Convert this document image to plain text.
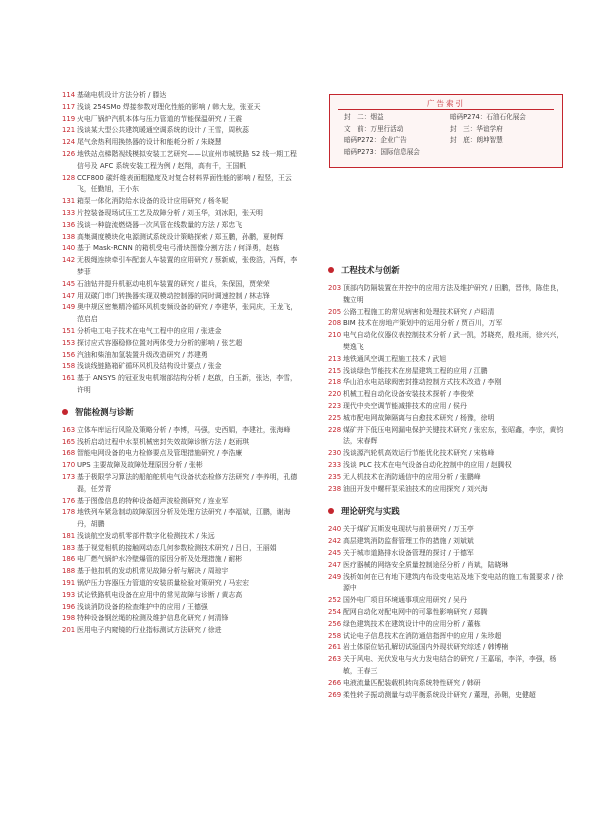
114 基础电机设计方法分析 / 滕达
117 浅谈 254SMo 焊接参数对理化性能的影响 / 韩大龙，张亚天
119 火电厂锅炉汽机本体与压力管道的节能保温研究 / 王震
121 浅谈某大型公共建筑暖通空调系统的设计 / 王雪，周秋蕊
124 尾气余热利用换热器的设计和能耗分析 / 朱晓慧
126 地铁站点梯階视线模拟安装工艺研究——以宣州市城铁路 S2 线一期工程信号及 AFC 系统安装工程为例 / 赵翔，高有千，王国帆
128 CCF800 碳纤维表面粗糙度及对复合材料界面性能的影响 / 程竖，王云飞，任勤旭，王小东
131 箱泵一体化消防给水设备的设计应用研究 / 杨冬妮
133 片控装备现场试压工艺及故障分析 / 刘玉华，刘冰阳，张天明
136 浅谈一种旋流燃烧器一次风管在线数量的方法 / 郑忠飞
138 高集调度模块化电源测试系统设计策略探索 / 郑玉鹏，孙鹏，夏树辉
140 基于 Mask-RCNN 的箱机受电弓滑块图像分割方法 / 何泽勇，赵栋
142 无极绳连续牵引车配套人车装置的应用研究 / 蔡新威，张俊浩，冯辉，李梦菲
145 石油钻井提升机驱动电机车装置的研究 / 崔兵，朱保国，贾荣荣
147 用双碳门串门转换器实现双模动控制器的同时调速控制 / 林志锋
149 奥中规区密集精冷循环风机变频设备的研究 / 李建华，张同庆，王龙飞，范启启
151 分析电工电子技术在电气工程中的应用 / 张进金
153 探讨应式容器稳修位置对两体受力分析的影响 / 张艺超
156 汽油和柴油加氢装置升级改造研究 / 苏建勇
158 浅谈线链路箱矿循环风机及结构设计要点 / 张金
161 基于 ANSYS 的冠亚发电机端部结构分析 / 赵啟，白玉新，张达，李雪，许明
智能检测与诊断
163 立体车库运行风险及策略分析 / 李博，马强，史西娟，李建社，张海峰
165 浅析启动过程中水泵机械密封失效故障诊断方法 / 赵雨琪
168 智能电网设备的电力检修要点及管理措施研究 / 李浩廉
170 UPS 主要故障及故障处理原因分析 / 张彬
173 基于极限学习算法的船舶舵机电气设备状态检修方法研究 / 李养明，孔德磊，任芳青
176 基于图像信息的特种设备超声波检测研究 / 连业军
178 地铁列车紧急制动故障原因分析及处理方法研究 / 李福斌，江鹏，谢海丹，胡鹏
181 浅谈航空发动机零部件数字化检测技术 / 朱远
183 基于视觉相机的接触网动态几何参数检测技术研究 / 吕日，王丽娟
186 电厂燃气锅炉水冷壁爆管的原因分析及处理措施 / 耐彬
188 基于他扣机的发动机常见故障分析与解决 / 周琼宇
191 锅炉压力容器压力管道的安装质量检验对策研究 / 马宏宏
193 试论铁路机电设备在应用中的常见故障与诊断 / 黄志高
196 浅谈消防设备的检查维护中的应用 / 王德强
198 特种设备钢丝绳的检测及维护信息化研究 / 何清锋
201 医用电子内窥镜的行业指标测试方法研究 / 徐进
广告索引
封　二：烟益	暗码P274：石油石化展会
文　前：万里行活动	封　三：华谊学府
暗码P272：企业广告	封　底：朗坤智慧
暗码P273：国际信息展会
工程技术与创新
203 顶部内防隔装置在井控中的应用方法及维护研究 / 田鹏，晋伟，陈佳良，魏立明
205 公路工程施工的常见病害和处理技术研究 / 卢昭清
208 BIM 技术在房地产策划中的运用分析 / 贾百川，万军
210 电气自动化仪器仪表控制技术分析 / 武一凯，苏晓亮，殷兆雨，徐兴兴，樊逸飞
213 地铁通风空调工程施工技术 / 武旭
215 浅谈绿色节能技术在房屋建筑工程的应用 / 江鹏
218 华山泊水电站球阀密封推动控制方式技术改造 / 李刚
220 机械工程自动化设备安装技术探析 / 李俊荣
223 现代中央空调节能减排技术的应用 / 侯丹
225 城市配电网故障隔离与自愈技术研究 / 杨豫，徐明
228 煤矿井下低压电网漏电保护关键技术研究 / 张宏东，张昭鑫，李宗，黄钧法，宋春辉
230 浅谈源汽轮机高效运行节能优化技术研究 / 宋栋峰
233 浅谈 PLC 技术在电气设备自动化控制中的应用 / 赵腾权
235 无人机技术在消防通信中的应用分析 / 张鹏峰
238 油田开发中螺杆泵采油技术的应用探究 / 刘兴海
理论研究与实践
240 关于煤矿瓦斯发电现状与前景研究 / 万玉亭
242 高层建筑消防监督管理工作的措施 / 刘斌斌
245 关于城市道路排水设备管理的探讨 / 于德军
247 医疗器械的网络安全质量控制途径分析 / 肖斌，陆晓琳
249 浅析如何在已有地下建筑内布设变电站及地下变电站的施工布置要求 / 徐源中
252 国外电厂项目环境通事项应用研究 / 吴丹
254 配网自动化对配电网中的可靠性影响研究 / 郑腾
256 绿色建筑技术在建筑设计中的应用分析 / 董栋
258 试论电子信息技术在消防通信指挥中的应用 / 朱珍超
261 岩土体原位钻孔解切试验国内外现状研究综述 / 韩博楠
263 关于风电、光伏发电与火力发电结合的研究 / 王嘉瑶，李洋，李强，杨敏，王春三
266 电液流量匹配装载机转向系统特性研究 / 韩研
269 柔性转子振动测量与动平衡系统设计研究 / 董理，孙翱，史健超
